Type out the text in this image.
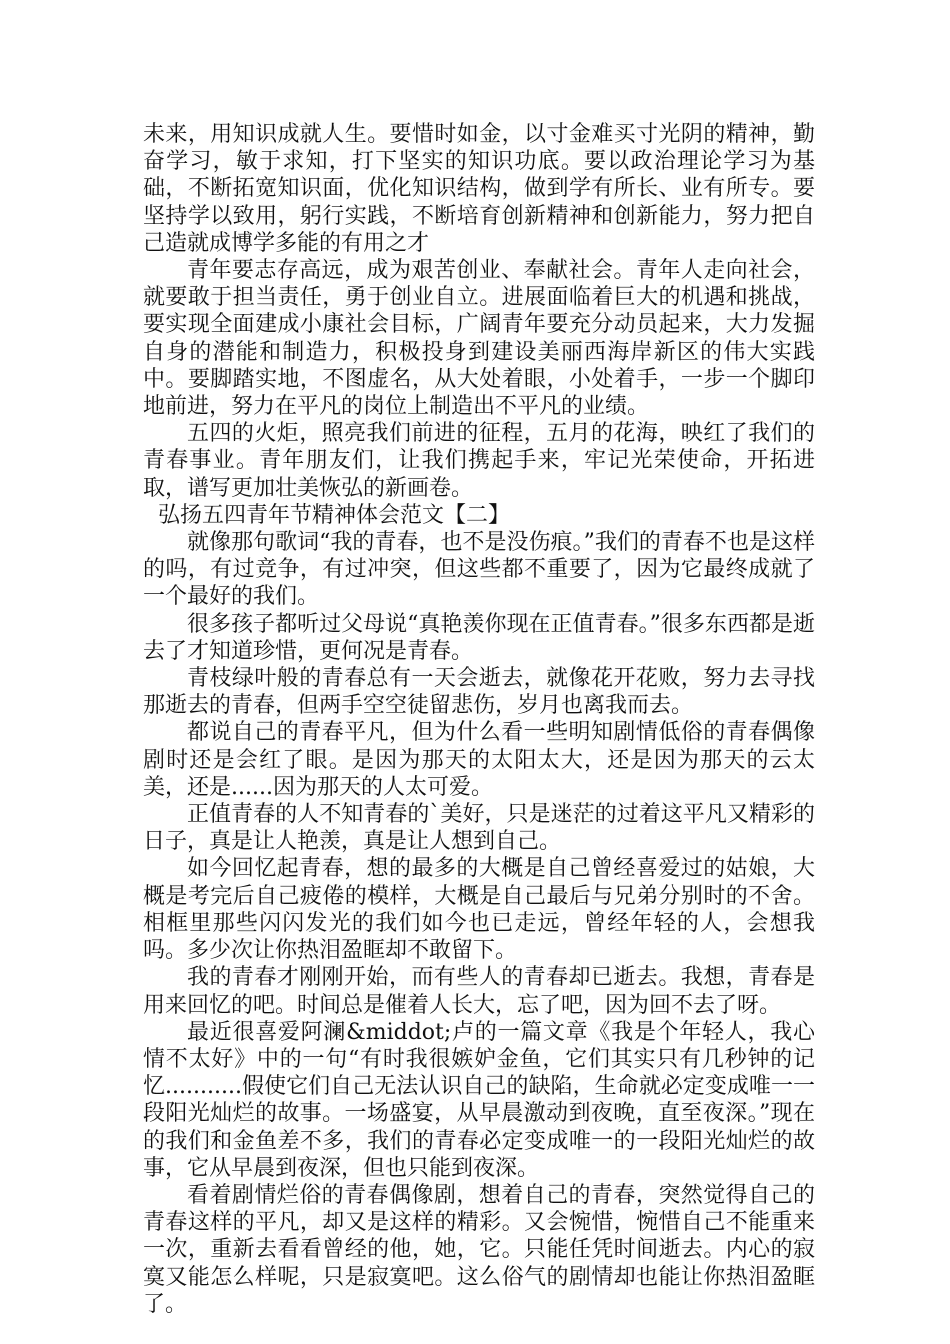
未来，用知识成就人生。要惜时如金，以寸金难买寸光阴的精神，勤奋学习，敏于求知，打下坚实的知识功底。要以政治理论学习为基础，不断拓宽知识面，优化知识结构，做到学有所长、业有所专。要坚持学以致用，躬行实践，不断培育创新精神和创新能力，努力把自己造就成博学多能的有用之才

青年要志存高远，成为艰苦创业、奉献社会。青年人走向社会，就要敢于担当责任，勇于创业自立。进展面临着巨大的机遇和挑战，要实现全面建成小康社会目标，广阔青年要充分动员起来，大力发掘自身的潜能和制造力，积极投身到建设美丽西海岸新区的伟大实践中。要脚踏实地，不图虚名，从大处着眼，小处着手，一步一个脚印地前进，努力在平凡的岗位上制造出不平凡的业绩。

五四的火炬，照亮我们前进的征程，五月的花海，映红了我们的青春事业。青年朋友们，让我们携起手来，牢记光荣使命，开拓进取，谱写更加壮美恢弘的新画卷。

弘扬五四青年节精神体会范文【二】

就像那句歌词“我的青春，也不是没伤痕。”我们的青春不也是这样的吗，有过竞争，有过冲突，但这些都不重要了，因为它最终成就了一个最好的我们。

很多孩子都听过父母说“真艳羡你现在正值青春。”很多东西都是逝去了才知道珍惜，更何况是青春。

青枝绿叶般的青春总有一天会逝去，就像花开花败，努力去寻找那逝去的青春，但两手空空徒留悲伤，岁月也离我而去。

都说自己的青春平凡，但为什么看一些明知剧情低俗的青春偶像剧时还是会红了眼。是因为那天的太阳太大，还是因为那天的云太美，还是......因为那天的人太可爱。

正值青春的人不知青春的`美好，只是迷茫的过着这平凡又精彩的日子，真是让人艳羡，真是让人想到自己。

如今回忆起青春，想的最多的大概是自己曾经喜爱过的姑娘，大概是考完后自己疲倦的模样，大概是自己最后与兄弟分别时的不舍。相框里那些闪闪发光的我们如今也已走远，曾经年轻的人，会想我吗。多少次让你热泪盈眶却不敢留下。

我的青春才刚刚开始，而有些人的青春却已逝去。我想，青春是用来回忆的吧。时间总是催着人长大，忘了吧，因为回不去了呀。

最近很喜爱阿澜&middot;卢的一篇文章《我是个年轻人，我心情不太好》中的一句“有时我很嫉妒金鱼，它们其实只有几秒钟的记忆...........假使它们自己无法认识自己的缺陷，生命就必定变成唯一一段阳光灿烂的故事。一场盛宴，从早晨激动到夜晚，直至夜深。”现在的我们和金鱼差不多，我们的青春必定变成唯一的一段阳光灿烂的故事，它从早晨到夜深，但也只能到夜深。

看着剧情烂俗的青春偶像剧，想着自己的青春，突然觉得自己的青春这样的平凡，却又是这样的精彩。又会惋惜，惋惜自己不能重来一次，重新去看看曾经的他，她，它。只能任凭时间逝去。内心的寂寞又能怎么样呢，只是寂寞吧。这么俗气的剧情却也能让你热泪盈眶了。
